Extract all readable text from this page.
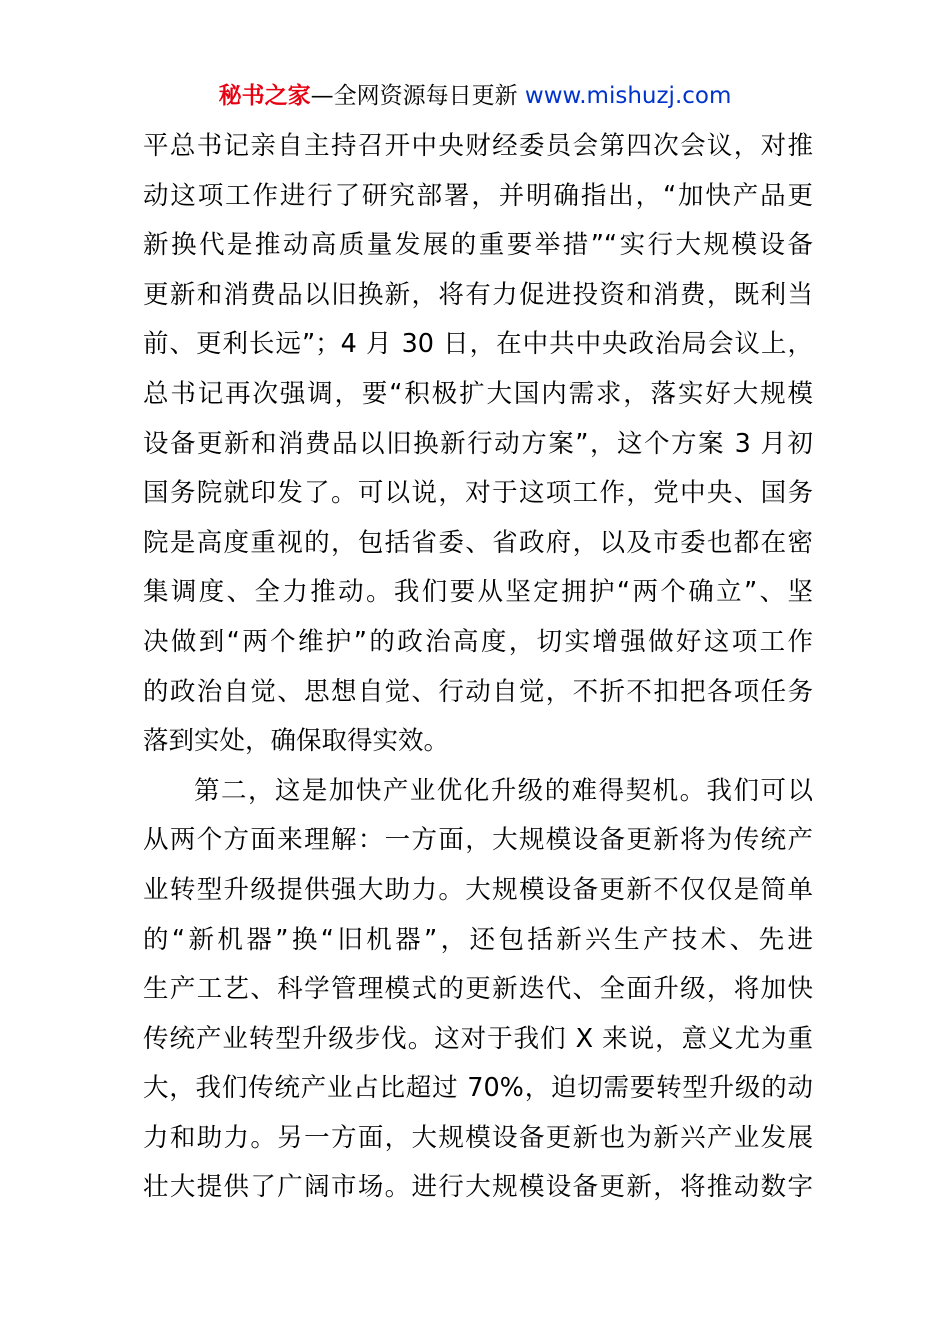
秘书之家—全网资源每日更新 www.mishuzj.com
平总书记亲自主持召开中央财经委员会第四次会议，对推
动这项工作进行了研究部署，并明确指出，“加快产品更
新换代是推动高质量发展的重要举措”“实行大规模设备
更新和消费品以旧换新，将有力促进投资和消费，既利当
前、更利长远”；4 月 30 日，在中共中央政治局会议上，
总书记再次强调，要“积极扩大国内需求，落实好大规模
设备更新和消费品以旧换新行动方案”，这个方案 3 月初
国务院就印发了。可以说，对于这项工作，党中央、国务
院是高度重视的，包括省委、省政府，以及市委也都在密
集调度、全力推动。我们要从坚定拥护“两个确立”、坚
决做到“两个维护”的政治高度，切实增强做好这项工作
的政治自觉、思想自觉、行动自觉，不折不扣把各项任务
落到实处，确保取得实效。
第二，这是加快产业优化升级的难得契机。我们可以
从两个方面来理解：一方面，大规模设备更新将为传统产
业转型升级提供强大助力。大规模设备更新不仅仅是简单
的“新机器”换“旧机器”，还包括新兴生产技术、先进
生产工艺、科学管理模式的更新迭代、全面升级，将加快
传统产业转型升级步伐。这对于我们 X 来说，意义尤为重
大，我们传统产业占比超过 70%，迫切需要转型升级的动
力和助力。另一方面，大规模设备更新也为新兴产业发展
壮大提供了广阔市场。进行大规模设备更新，将推动数字
